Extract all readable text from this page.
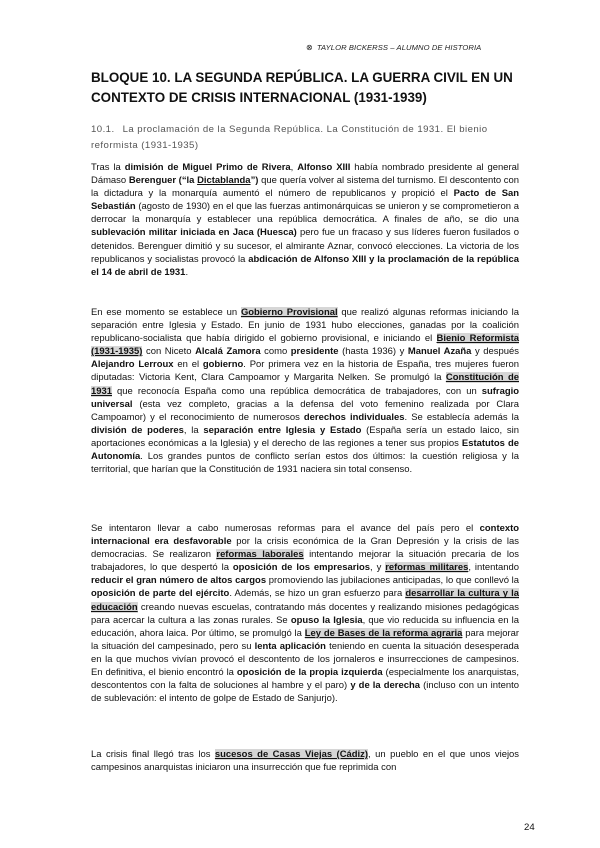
⊗ TAYLOR BICKERSS – ALUMNO DE HISTORIA
BLOQUE 10. LA SEGUNDA REPÚBLICA. LA GUERRA CIVIL EN UN CONTEXTO DE CRISIS INTERNACIONAL (1931-1939)
10.1. La proclamación de la Segunda República. La Constitución de 1931. El bienio reformista (1931-1935)
Tras la dimisión de Miguel Primo de Rivera, Alfonso XIII había nombrado presidente al general Dámaso Berenguer (“la Dictablanda”) que quería volver al sistema del turnismo. El descontento con la dictadura y la monarquía aumentó el número de republicanos y propició el Pacto de San Sebastián (agosto de 1930) en el que las fuerzas antimonárquicas se unieron y se comprometieron a derrocar la monarquía y establecer una república democrática. A finales de año, se dio una sublevación militar iniciada en Jaca (Huesca) pero fue un fracaso y sus líderes fueron fusilados o detenidos. Berenguer dimitió y su sucesor, el almirante Aznar, convocó elecciones. La victoria de los republicanos y socialistas provocó la abdicación de Alfonso XIII y la proclamación de la república el 14 de abril de 1931.
En ese momento se establece un Gobierno Provisional que realizó algunas reformas iniciando la separación entre Iglesia y Estado. En junio de 1931 hubo elecciones, ganadas por la coalición republicano-socialista que había dirigido el gobierno provisional, e iniciando el Bienio Reformista (1931-1935) con Niceto Alcalá Zamora como presidente (hasta 1936) y Manuel Azaña y después Alejandro Lerroux en el gobierno. Por primera vez en la historia de España, tres mujeres fueron diputadas: Victoria Kent, Clara Campoamor y Margarita Nelken. Se promulgó la Constitución de 1931 que reconocía España como una república democrática de trabajadores, con un sufragio universal (esta vez completo, gracias a la defensa del voto femenino realizada por Clara Campoamor) y el reconocimiento de numerosos derechos individuales. Se establecía además la división de poderes, la separación entre Iglesia y Estado (España sería un estado laico, sin aportaciones económicas a la Iglesia) y el derecho de las regiones a tener sus propios Estatutos de Autonomía. Los grandes puntos de conflicto serían estos dos últimos: la cuestión religiosa y la territorial, que harían que la Constitución de 1931 naciera sin total consenso.
Se intentaron llevar a cabo numerosas reformas para el avance del país pero el contexto internacional era desfavorable por la crisis económica de la Gran Depresión y la crisis de las democracias. Se realizaron reformas laborales intentando mejorar la situación precaria de los trabajadores, lo que despertó la oposición de los empresarios, y reformas militares, intentando reducir el gran número de altos cargos promoviendo las jubilaciones anticipadas, lo que conllevó la oposición de parte del ejército. Además, se hizo un gran esfuerzo para desarrollar la cultura y la educación creando nuevas escuelas, contratando más docentes y realizando misiones pedagógicas para acercar la cultura a las zonas rurales. Se opuso la Iglesia, que vio reducida su influencia en la educación, ahora laica. Por último, se promulgó la Ley de Bases de la reforma agraria para mejorar la situación del campesinado, pero su lenta aplicación teniendo en cuenta la situación desesperada en la que muchos vivían provocó el descontento de los jornaleros e insurrecciones de campesinos. En definitiva, el bienio encontró la oposición de la propia izquierda (especialmente los anarquistas, descontentos con la falta de soluciones al hambre y el paro) y de la derecha (incluso con un intento de sublevación: el intento de golpe de Estado de Sanjurjo).
La crisis final llegó tras los sucesos de Casas Viejas (Cádiz), un pueblo en el que unos viejos campesinos anarquistas iniciaron una insurrección que fue reprimida con
24
